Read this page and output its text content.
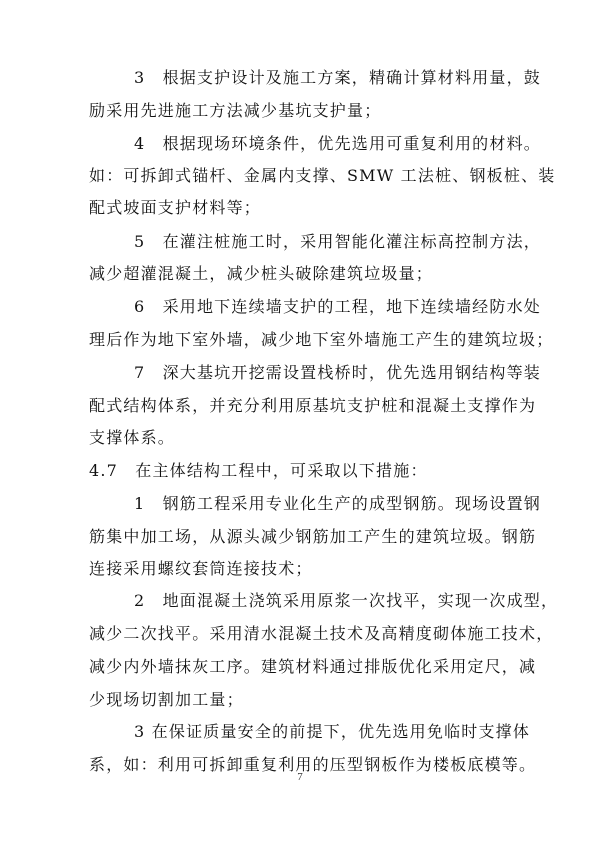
3　根据支护设计及施工方案，精确计算材料用量，鼓
励采用先进施工方法减少基坑支护量；
4　根据现场环境条件，优先选用可重复利用的材料。
如：可拆卸式锚杆、金属内支撑、SMW 工法桩、钢板桩、装
配式坡面支护材料等；
5　在灌注桩施工时，采用智能化灌注标高控制方法，
减少超灌混凝土，减少桩头破除建筑垃圾量；
6　采用地下连续墙支护的工程，地下连续墙经防水处
理后作为地下室外墙，减少地下室外墙施工产生的建筑垃圾；
7　深大基坑开挖需设置栈桥时，优先选用钢结构等装
配式结构体系，并充分利用原基坑支护桩和混凝土支撑作为
支撑体系。
4.7　在主体结构工程中，可采取以下措施：
1　钢筋工程采用专业化生产的成型钢筋。现场设置钢
筋集中加工场，从源头减少钢筋加工产生的建筑垃圾。钢筋
连接采用螺纹套筒连接技术；
2　地面混凝土浇筑采用原浆一次找平，实现一次成型，
减少二次找平。采用清水混凝土技术及高精度砌体施工技术，
减少内外墙抹灰工序。建筑材料通过排版优化采用定尺，减
少现场切割加工量；
3 在保证质量安全的前提下，优先选用免临时支撑体
系，如：利用可拆卸重复利用的压型钢板作为楼板底模等。
7
